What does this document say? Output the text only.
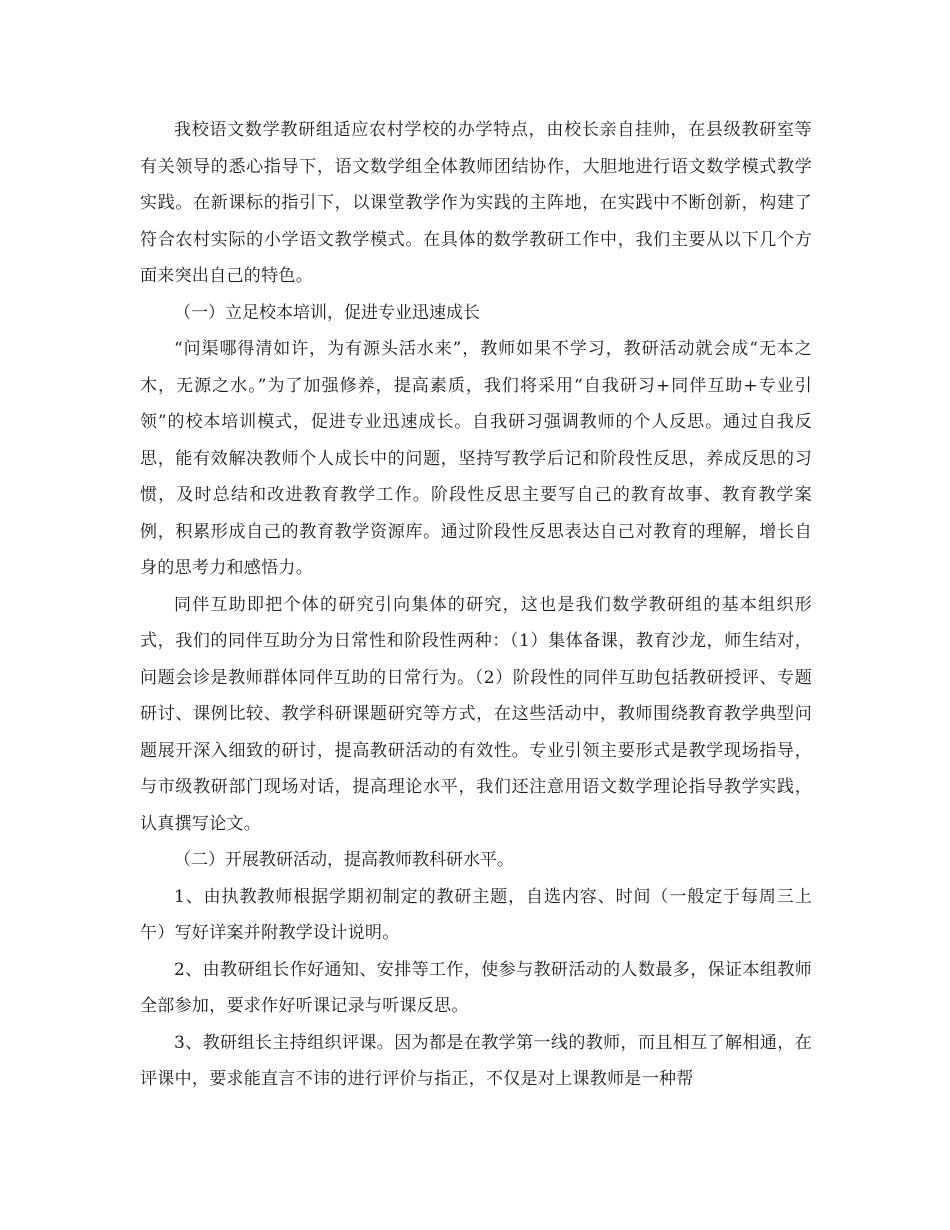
我校语文数学教研组适应农村学校的办学特点，由校长亲自挂帅，在县级教研室等有关领导的悉心指导下，语文数学组全体教师团结协作，大胆地进行语文数学模式教学实践。在新课标的指引下，以课堂教学作为实践的主阵地，在实践中不断创新，构建了符合农村实际的小学语文教学模式。在具体的数学教研工作中，我们主要从以下几个方面来突出自己的特色。

（一）立足校本培训，促进专业迅速成长

“问渠哪得清如许，为有源头活水来”，教师如果不学习，教研活动就会成“无本之木，无源之水。”为了加强修养，提高素质，我们将采用“自我研习+同伴互助+专业引领”的校本培训模式，促进专业迅速成长。自我研习强调教师的个人反思。通过自我反思，能有效解决教师个人成长中的问题，坚持写教学后记和阶段性反思，养成反思的习惯，及时总结和改进教育教学工作。阶段性反思主要写自己的教育故事、教育教学案例，积累形成自己的教育教学资源库。通过阶段性反思表达自己对教育的理解，增长自身的思考力和感悟力。

同伴互助即把个体的研究引向集体的研究，这也是我们数学教研组的基本组织形式，我们的同伴互助分为日常性和阶段性两种：（1）集体备课，教育沙龙，师生结对，问题会诊是教师群体同伴互助的日常行为。（2）阶段性的同伴互助包括教研授评、专题研讨、课例比较、教学科研课题研究等方式，在这些活动中，教师围绕教育教学典型问题展开深入细致的研讨，提高教研活动的有效性。专业引领主要形式是教学现场指导，与市级教研部门现场对话，提高理论水平，我们还注意用语文数学理论指导教学实践，认真撰写论文。

（二）开展教研活动，提高教师教科研水平。

1、由执教教师根据学期初制定的教研主题，自选内容、时间（一般定于每周三上午）写好详案并附教学设计说明。

2、由教研组长作好通知、安排等工作，使参与教研活动的人数最多，保证本组教师全部参加，要求作好听课记录与听课反思。

3、教研组长主持组织评课。因为都是在教学第一线的教师，而且相互了解相通，在评课中，要求能直言不讳的进行评价与指正，不仅是对上课教师是一种帮
